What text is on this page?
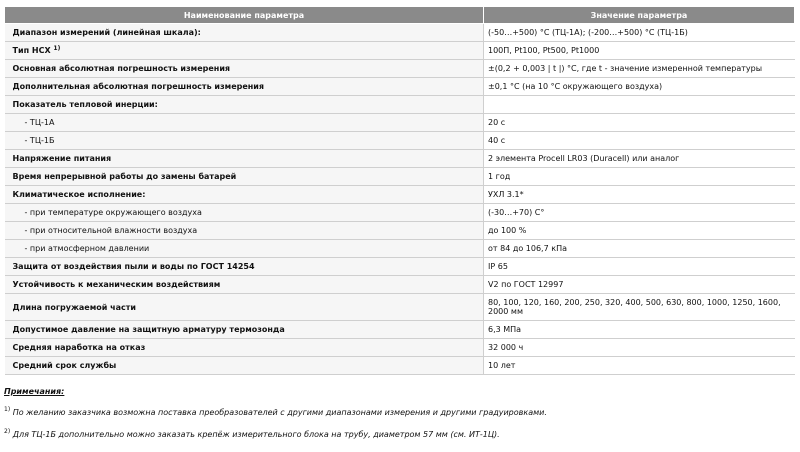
Наименование параметра	Значение параметра
Диапазон измерений (линейная шкала):	(-50…+500) °С (ТЦ-1А); (-200…+500) °С (ТЦ-1Б)
Тип НСХ $^{1)}$	100П, Pt100, Pt500, Pt1000
Основная абсолютная погрешность измерения	±(0,2 + 0,003 | t |) °С, где t - значение измеренной температуры
Дополнительная абсолютная погрешность измерения	±0,1 °С (на 10 °С окружающего воздуха)
Показатель тепловой инерции:	
- ТЦ-1А	20 с
- ТЦ-1Б	40 с
Напряжение питания	2 элемента Procell LR03 (Duracell) или аналог
Время непрерывной работы до замены батарей	1 год
Климатическое исполнение:	УХЛ 3.1*
- при температуре окружающего воздуха	(-30…+70) С°
- при относительной влажности воздуха	до 100 %
- при атмосферном давлении	от 84 до 106,7 кПа
Защита от воздействия пыли и воды по ГОСТ 14254	IP 65
Устойчивость к механическим воздействиям	V2 по ГОСТ 12997
Длина погружаемой части	80, 100, 120, 160, 200, 250, 320, 400, 500, 630, 800, 1000, 1250, 1600, 2000 мм
Допустимое давление на защитную арматуру термозонда	6,3 МПа
Средняя наработка на отказ	32 000 ч
Средний срок службы	10 лет
Примечания:
$^{1)}$ По желанию заказчика возможна поставка преобразователей с другими диапазонами измерения и другими градуировками.
$^{2)}$ Для ТЦ-1Б дополнительно можно заказать крепёж измерительного блока на трубу, диаметром 57 мм (см. ИТ-1Ц).
